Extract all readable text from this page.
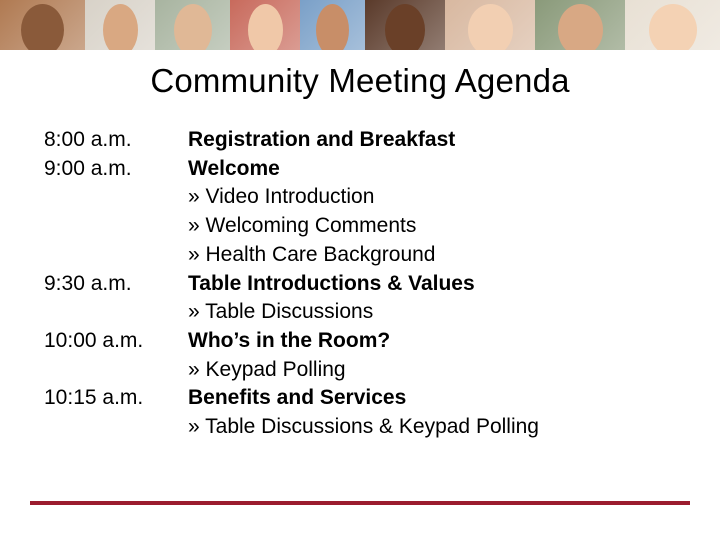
Community Meeting Agenda
8:00 a.m.	Registration and Breakfast
9:00 a.m.	Welcome
» Video Introduction
» Welcoming Comments
» Health Care Background
9:30 a.m.	Table Introductions & Values
» Table Discussions
10:00 a.m. Who’s in the Room?
» Keypad Polling
10:15 a.m. Benefits and Services
» Table Discussions & Keypad Polling
